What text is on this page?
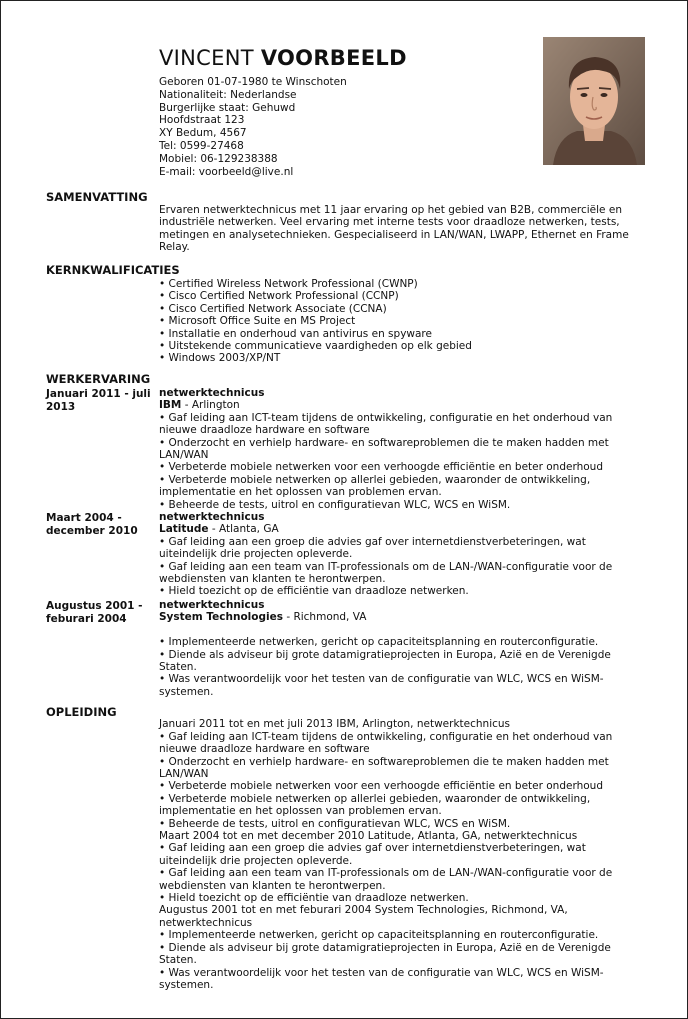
VINCENT VOORBEELD
Geboren 01-07-1980 te Winschoten
Nationaliteit: Nederlandse
Burgerlijke staat: Gehuwd
Hoofdstraat 123
XY Bedum, 4567
Tel: 0599-27468
Mobiel: 06-129238388
E-mail: voorbeeld@live.nl
SAMENVATTING
Ervaren netwerktechnicus met 11 jaar ervaring op het gebied van B2B, commerciële en
industriële netwerken. Veel ervaring met interne tests voor draadloze netwerken, tests,
metingen en analysetechnieken. Gespecialiseerd in LAN/WAN, LWAPP, Ethernet en Frame
Relay.
KERNKWALIFICATIES
• Certified Wireless Network Professional (CWNP)
• Cisco Certified Network Professional (CCNP)
• Cisco Certified Network Associate (CCNA)
• Microsoft Office Suite en MS Project
• Installatie en onderhoud van antivirus en spyware
• Uitstekende communicatieve vaardigheden op elk gebied
• Windows 2003/XP/NT
WERKERVARING
Januari 2011 - juli
2013
netwerktechnicus
IBM - Arlington
• Gaf leiding aan ICT-team tijdens de ontwikkeling, configuratie en het onderhoud van
nieuwe draadloze hardware en software
• Onderzocht en verhielp hardware- en softwareproblemen die te maken hadden met
LAN/WAN
• Verbeterde mobiele netwerken voor een verhoogde efficiëntie en beter onderhoud
• Verbeterde mobiele netwerken op allerlei gebieden, waaronder de ontwikkeling,
implementatie en het oplossen van problemen ervan.
• Beheerde de tests, uitrol en configuratievan WLC, WCS en WiSM.
Maart 2004 -
december 2010
netwerktechnicus
Latitude - Atlanta, GA
• Gaf leiding aan een groep die advies gaf over internetdienstverbeteringen, wat
uiteindelijk drie projecten opleverde.
• Gaf leiding aan een team van IT-professionals om de LAN-/WAN-configuratie voor de
webdiensten van klanten te herontwerpen.
• Hield toezicht op de efficiëntie van draadloze netwerken.
Augustus 2001 -
feburari 2004
netwerktechnicus
System Technologies - Richmond, VA
• Implementeerde netwerken, gericht op capaciteitsplanning en routerconfiguratie.
• Diende als adviseur bij grote datamigratieprojecten in Europa, Azië en de Verenigde
Staten.
• Was verantwoordelijk voor het testen van de configuratie van WLC, WCS en WiSM-
systemen.
OPLEIDING
Januari 2011 tot en met juli 2013 IBM, Arlington, netwerktechnicus
• Gaf leiding aan ICT-team tijdens de ontwikkeling, configuratie en het onderhoud van
nieuwe draadloze hardware en software
• Onderzocht en verhielp hardware- en softwareproblemen die te maken hadden met
LAN/WAN
• Verbeterde mobiele netwerken voor een verhoogde efficiëntie en beter onderhoud
• Verbeterde mobiele netwerken op allerlei gebieden, waaronder de ontwikkeling,
implementatie en het oplossen van problemen ervan.
• Beheerde de tests, uitrol en configuratievan WLC, WCS en WiSM.
Maart 2004 tot en met december 2010 Latitude, Atlanta, GA, netwerktechnicus
• Gaf leiding aan een groep die advies gaf over internetdienstverbeteringen, wat
uiteindelijk drie projecten opleverde.
• Gaf leiding aan een team van IT-professionals om de LAN-/WAN-configuratie voor de
webdiensten van klanten te herontwerpen.
• Hield toezicht op de efficiëntie van draadloze netwerken.
Augustus 2001 tot en met feburari 2004 System Technologies, Richmond, VA,
netwerktechnicus
• Implementeerde netwerken, gericht op capaciteitsplanning en routerconfiguratie.
• Diende als adviseur bij grote datamigratieprojecten in Europa, Azië en de Verenigde
Staten.
• Was verantwoordelijk voor het testen van de configuratie van WLC, WCS en WiSM-
systemen.
